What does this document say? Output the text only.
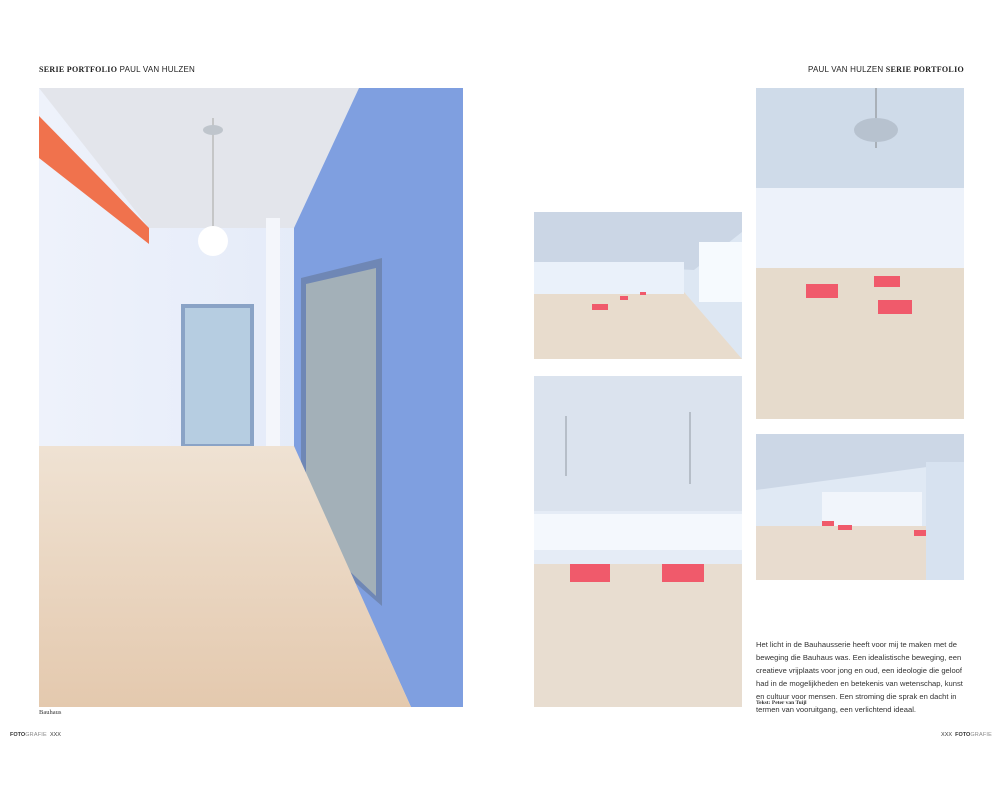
SERIE PORTFOLIO PAUL VAN HULZEN	PAUL VAN HULZEN SERIE PORTFOLIO
Bauhaus
Het licht in de Bauhausserie heeft voor mij te maken met de beweging die Bauhaus was. Een idealistische beweging, een creatieve vrijplaats voor jong en oud, een ideologie die geloof had in de mogelijkheden en betekenis van wetenschap, kunst en cultuur voor mensen. Een stroming die sprak en dacht in termen van vooruitgang, een verlichtend ideaal.
Tekst: Peter van Tuijl
FOTOGRAFIE XXX	XXX FOTOGRAFIE
